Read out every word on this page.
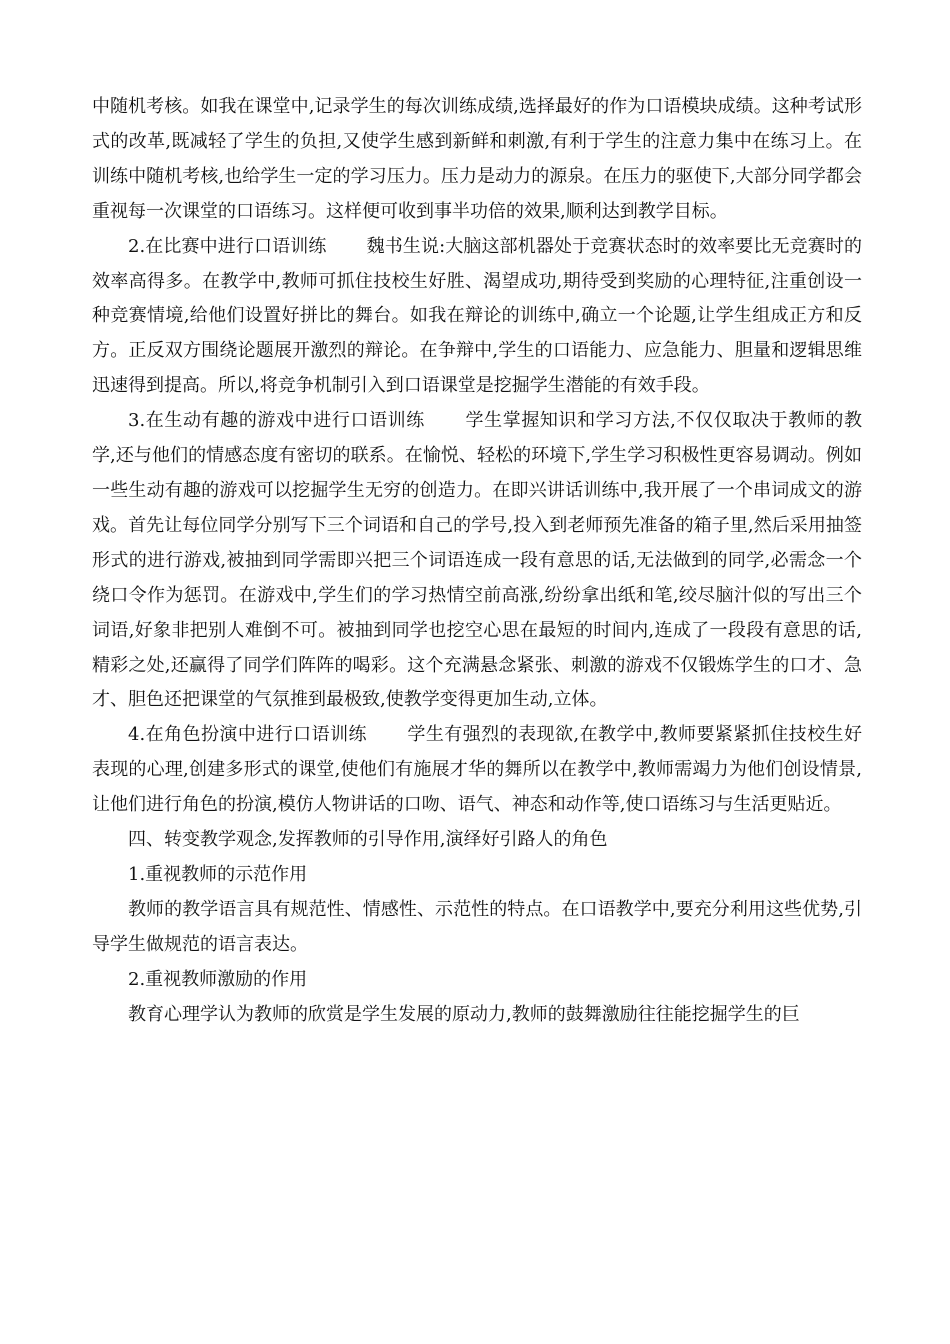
中随机考核。如我在课堂中,记录学生的每次训练成绩,选择最好的作为口语模块成绩。这种考试形式的改革,既减轻了学生的负担,又使学生感到新鲜和刺激,有利于学生的注意力集中在练习上。在训练中随机考核,也给学生一定的学习压力。压力是动力的源泉。在压力的驱使下,大部分同学都会重视每一次课堂的口语练习。这样便可收到事半功倍的效果,顺利达到教学目标。

2.在比赛中进行口语训练 魏书生说:大脑这部机器处于竞赛状态时的效率要比无竞赛时的效率高得多。在教学中,教师可抓住技校生好胜、渴望成功,期待受到奖励的心理特征,注重创设一种竞赛情境,给他们设置好拼比的舞台。如我在辩论的训练中,确立一个论题,让学生组成正方和反方。正反双方围绕论题展开激烈的辩论。在争辩中,学生的口语能力、应急能力、胆量和逻辑思维迅速得到提高。所以,将竞争机制引入到口语课堂是挖掘学生潜能的有效手段。

3.在生动有趣的游戏中进行口语训练 学生掌握知识和学习方法,不仅仅取决于教师的教学,还与他们的情感态度有密切的联系。在愉悦、轻松的环境下,学生学习积极性更容易调动。例如一些生动有趣的游戏可以挖掘学生无穷的创造力。在即兴讲话训练中,我开展了一个串词成文的游戏。首先让每位同学分别写下三个词语和自己的学号,投入到老师预先准备的箱子里,然后采用抽签形式的进行游戏,被抽到同学需即兴把三个词语连成一段有意思的话,无法做到的同学,必需念一个绕口令作为惩罚。在游戏中,学生们的学习热情空前高涨,纷纷拿出纸和笔,绞尽脑汁似的写出三个词语,好象非把别人难倒不可。被抽到同学也挖空心思在最短的时间内,连成了一段段有意思的话,精彩之处,还赢得了同学们阵阵的喝彩。这个充满悬念紧张、刺激的游戏不仅锻炼学生的口才、急才、胆色还把课堂的气氛推到最极致,使教学变得更加生动,立体。

4.在角色扮演中进行口语训练 学生有强烈的表现欲,在教学中,教师要紧紧抓住技校生好表现的心理,创建多形式的课堂,使他们有施展才华的舞所以在教学中,教师需竭力为他们创设情景,让他们进行角色的扮演,模仿人物讲话的口吻、语气、神态和动作等,使口语练习与生活更贴近。

四、转变教学观念,发挥教师的引导作用,演绎好引路人的角色

1.重视教师的示范作用

教师的教学语言具有规范性、情感性、示范性的特点。在口语教学中,要充分利用这些优势,引导学生做规范的语言表达。

2.重视教师激励的作用

教育心理学认为教师的欣赏是学生发展的原动力,教师的鼓舞激励往往能挖掘学生的巨
